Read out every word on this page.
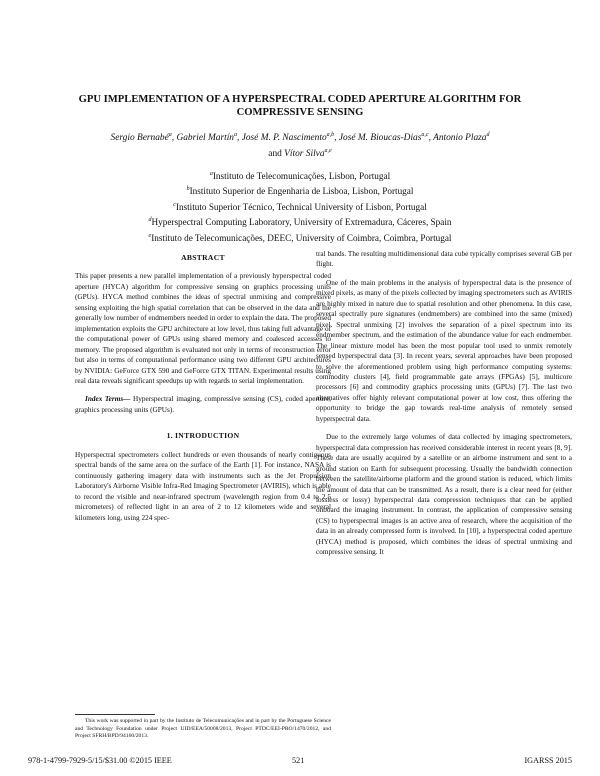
GPU IMPLEMENTATION OF A HYPERSPECTRAL CODED APERTURE ALGORITHM FOR
COMPRESSIVE SENSING
Sergio Bernabé$^a$, Gabriel Martín$^a$, José M. P. Nascimento$^{a,b}$, José M. Bioucas-Dias$^{a,c}$, Antonio Plaza$^d$
and Vítor Silva$^{a,e}$
$^a$Instituto de Telecomunicações, Lisbon, Portugal
$^b$Instituto Superior de Engenharia de Lisboa, Lisbon, Portugal
$^c$Instituto Superior Técnico, Technical University of Lisbon, Portugal
$^d$Hyperspectral Computing Laboratory, University of Extremadura, Cáceres, Spain
$^e$Instituto de Telecomunicações, DEEC, University of Coimbra, Coimbra, Portugal
ABSTRACT
This paper presents a new parallel implementation of a previously hyperspectral coded aperture (HYCA) algorithm for compressive sensing on graphics processing units (GPUs). HYCA method combines the ideas of spectral unmixing and compressive sensing exploiting the high spatial correlation that can be observed in the data and the generally low number of endmembers needed in order to explain the data. The proposed implementation exploits the GPU architecture at low level, thus taking full advantage of the computational power of GPUs using shared memory and coalesced accesses to memory. The proposed algorithm is evaluated not only in terms of reconstruction error but also in terms of computational performance using two different GPU architectures by NVIDIA: GeForce GTX 590 and GeForce GTX TITAN. Experimental results using real data reveals significant speedups up with regards to serial implementation.
Index Terms— Hyperspectral imaging, compressive sensing (CS), coded aperture, graphics processing units (GPUs).
1. INTRODUCTION
Hyperspectral spectrometers collect hundreds or even thousands of nearly contiguous spectral bands of the same area on the surface of the Earth [1]. For instance, NASA is continuously gathering imagery data with instruments such as the Jet Propulsion Laboratory's Airborne Visible Infra-Red Imaging Spectrometer (AVIRIS), which is able to record the visible and near-infrared spectrum (wavelength region from 0.4 to 2.5 micrometers) of reflected light in an area of 2 to 12 kilometers wide and several kilometers long, using 224 spec-
This work was supported in part by the Instituto de Telecomunicações and in part by the Portuguese Science and Technology Foundation under Project UID/EEA/50008/2013, Project PTDC/EEI-PRO/1470/2012, and Project SFRH/BPD/94160/2013.
tral bands. The resulting multidimensional data cube typically comprises several GB per flight.
One of the main problems in the analysis of hyperspectral data is the presence of mixed pixels, as many of the pixels collected by imaging spectrometers such as AVIRIS are highly mixed in nature due to spatial resolution and other phenomena. In this case, several spectrally pure signatures (endmembers) are combined into the same (mixed) pixel. Spectral unmixing [2] involves the separation of a pixel spectrum into its endmember spectrum, and the estimation of the abundance value for each endmember. The linear mixture model has been the most popular tool used to unmix remotely sensed hyperspectral data [3]. In recent years, several approaches have been proposed to solve the aforementioned problem using high performance computing systems: commodity clusters [4], field programmable gate arrays (FPGAs) [5], multicore processors [6] and commodity graphics processing units (GPUs) [7]. The last two alternatives offer highly relevant computational power at low cost, thus offering the opportunity to bridge the gap towards real-time analysis of remotely sensed hyperspectral data.
Due to the extremely large volumes of data collected by imaging spectrometers, hyperspectral data compression has received considerable interest in recent years [8, 9]. These data are usually acquired by a satellite or an airborne instrument and sent to a ground station on Earth for subsequent processing. Usually the bandwidth connection between the satellite/airborne platform and the ground station is reduced, which limits the amount of data that can be transmitted. As a result, there is a clear need for (either lossless or lossy) hyperspectral data compression techniques that can be applied onboard the imaging instrument. In contrast, the application of compressive sensing (CS) to hyperspectral images is an active area of research, where the acquisition of the data in an already compressed form is involved. In [10], a hyperspectral coded aperture (HYCA) method is proposed, which combines the ideas of spectral unmixing and compressive sensing. It
978-1-4799-7929-5/15/$31.00 ©2015 IEEE	521	IGARSS 2015
